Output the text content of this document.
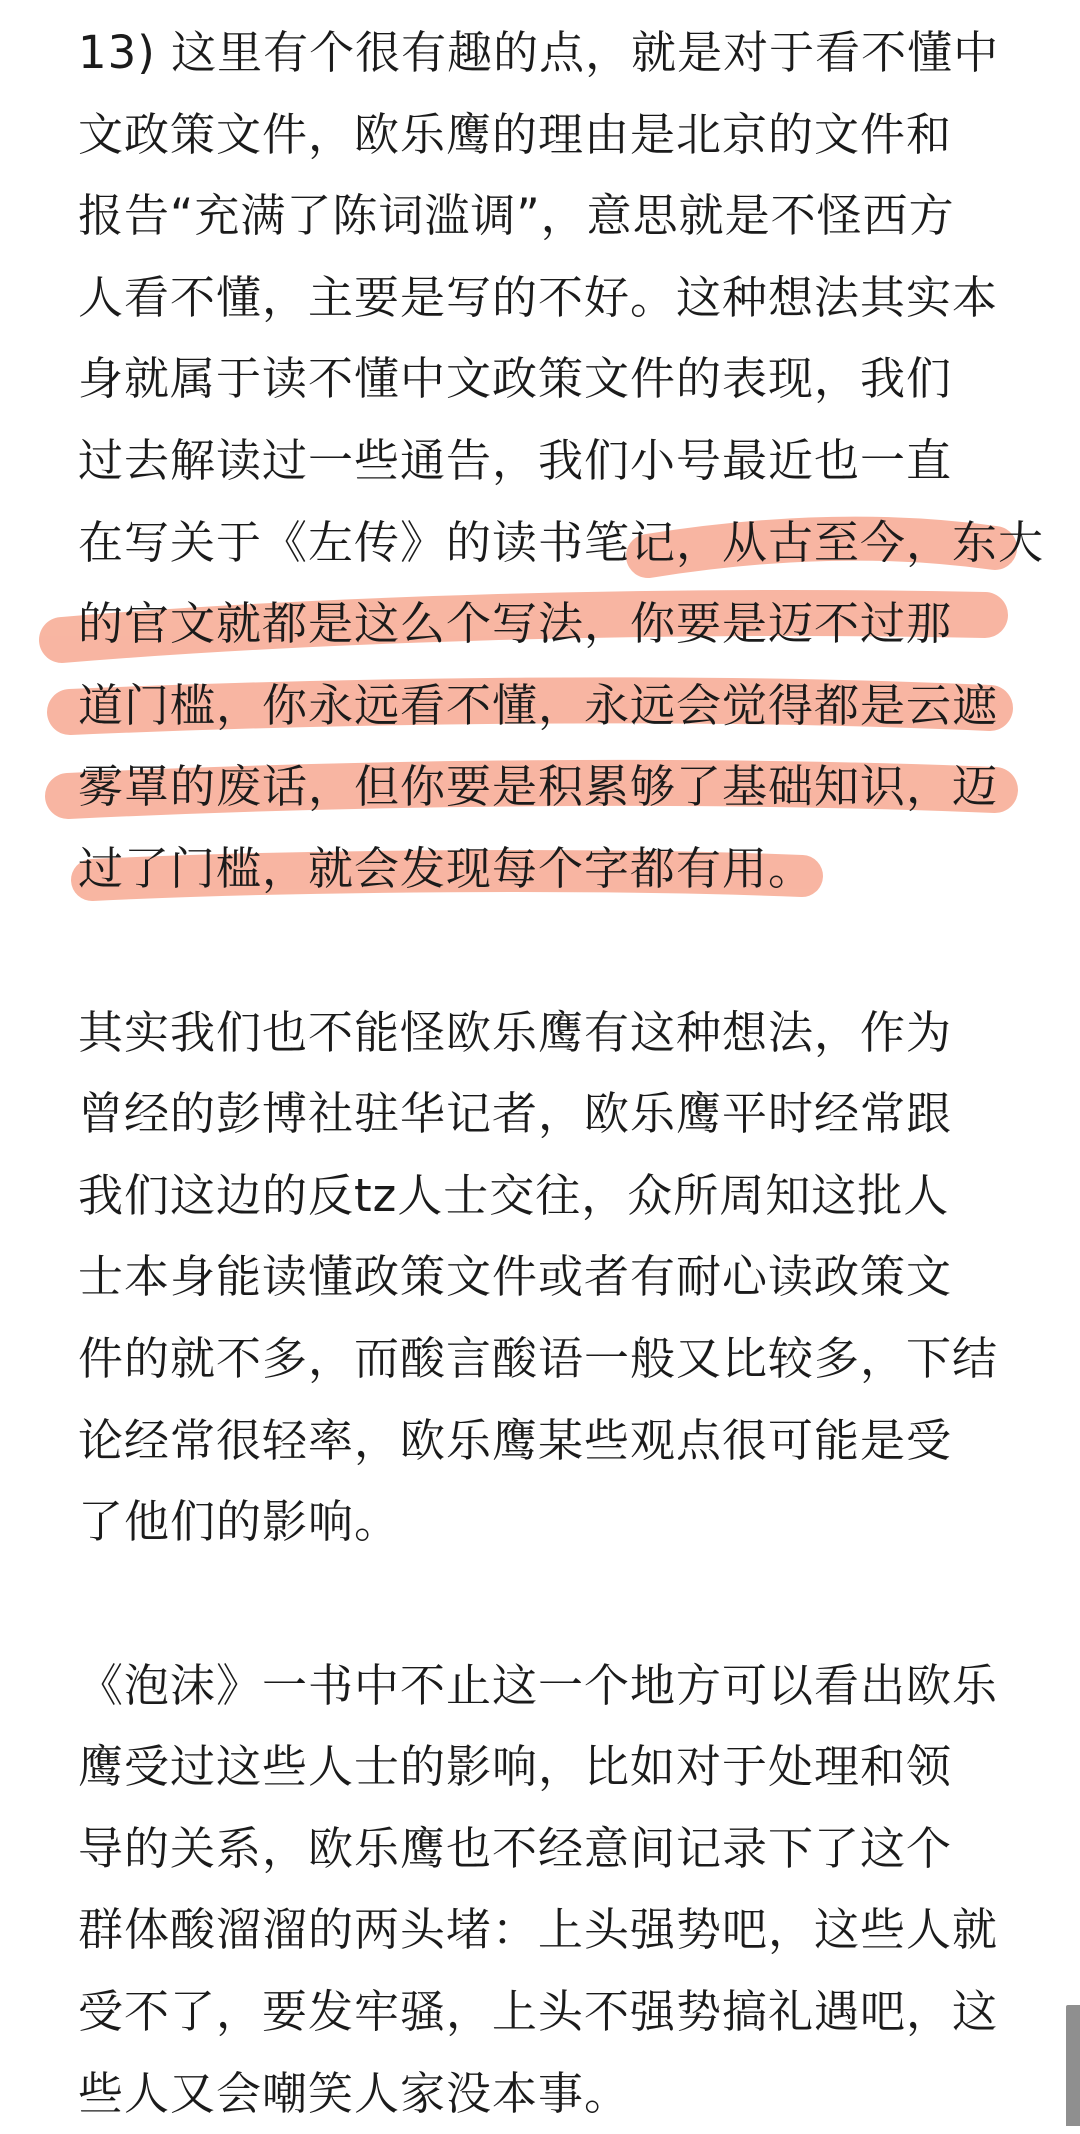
13) 这里有个很有趣的点，就是对于看不懂中
文政策文件，欧乐鹰的理由是北京的文件和
报告“充满了陈词滥调”，意思就是不怪西方
人看不懂，主要是写的不好。这种想法其实本
身就属于读不懂中文政策文件的表现，我们
过去解读过一些通告，我们小号最近也一直
在写关于《左传》的读书笔记，从古至今，东大
的官文就都是这么个写法，你要是迈不过那
道门槛，你永远看不懂，永远会觉得都是云遮
雾罩的废话，但你要是积累够了基础知识，迈
过了门槛，就会发现每个字都有用。

其实我们也不能怪欧乐鹰有这种想法，作为
曾经的彭博社驻华记者，欧乐鹰平时经常跟
我们这边的反tz人士交往，众所周知这批人
士本身能读懂政策文件或者有耐心读政策文
件的就不多，而酸言酸语一般又比较多，下结
论经常很轻率，欧乐鹰某些观点很可能是受
了他们的影响。

《泡沫》一书中不止这一个地方可以看出欧乐
鹰受过这些人士的影响，比如对于处理和领
导的关系，欧乐鹰也不经意间记录下了这个
群体酸溜溜的两头堵：上头强势吧，这些人就
受不了，要发牢骚，上头不强势搞礼遇吧，这
些人又会嘲笑人家没本事。
